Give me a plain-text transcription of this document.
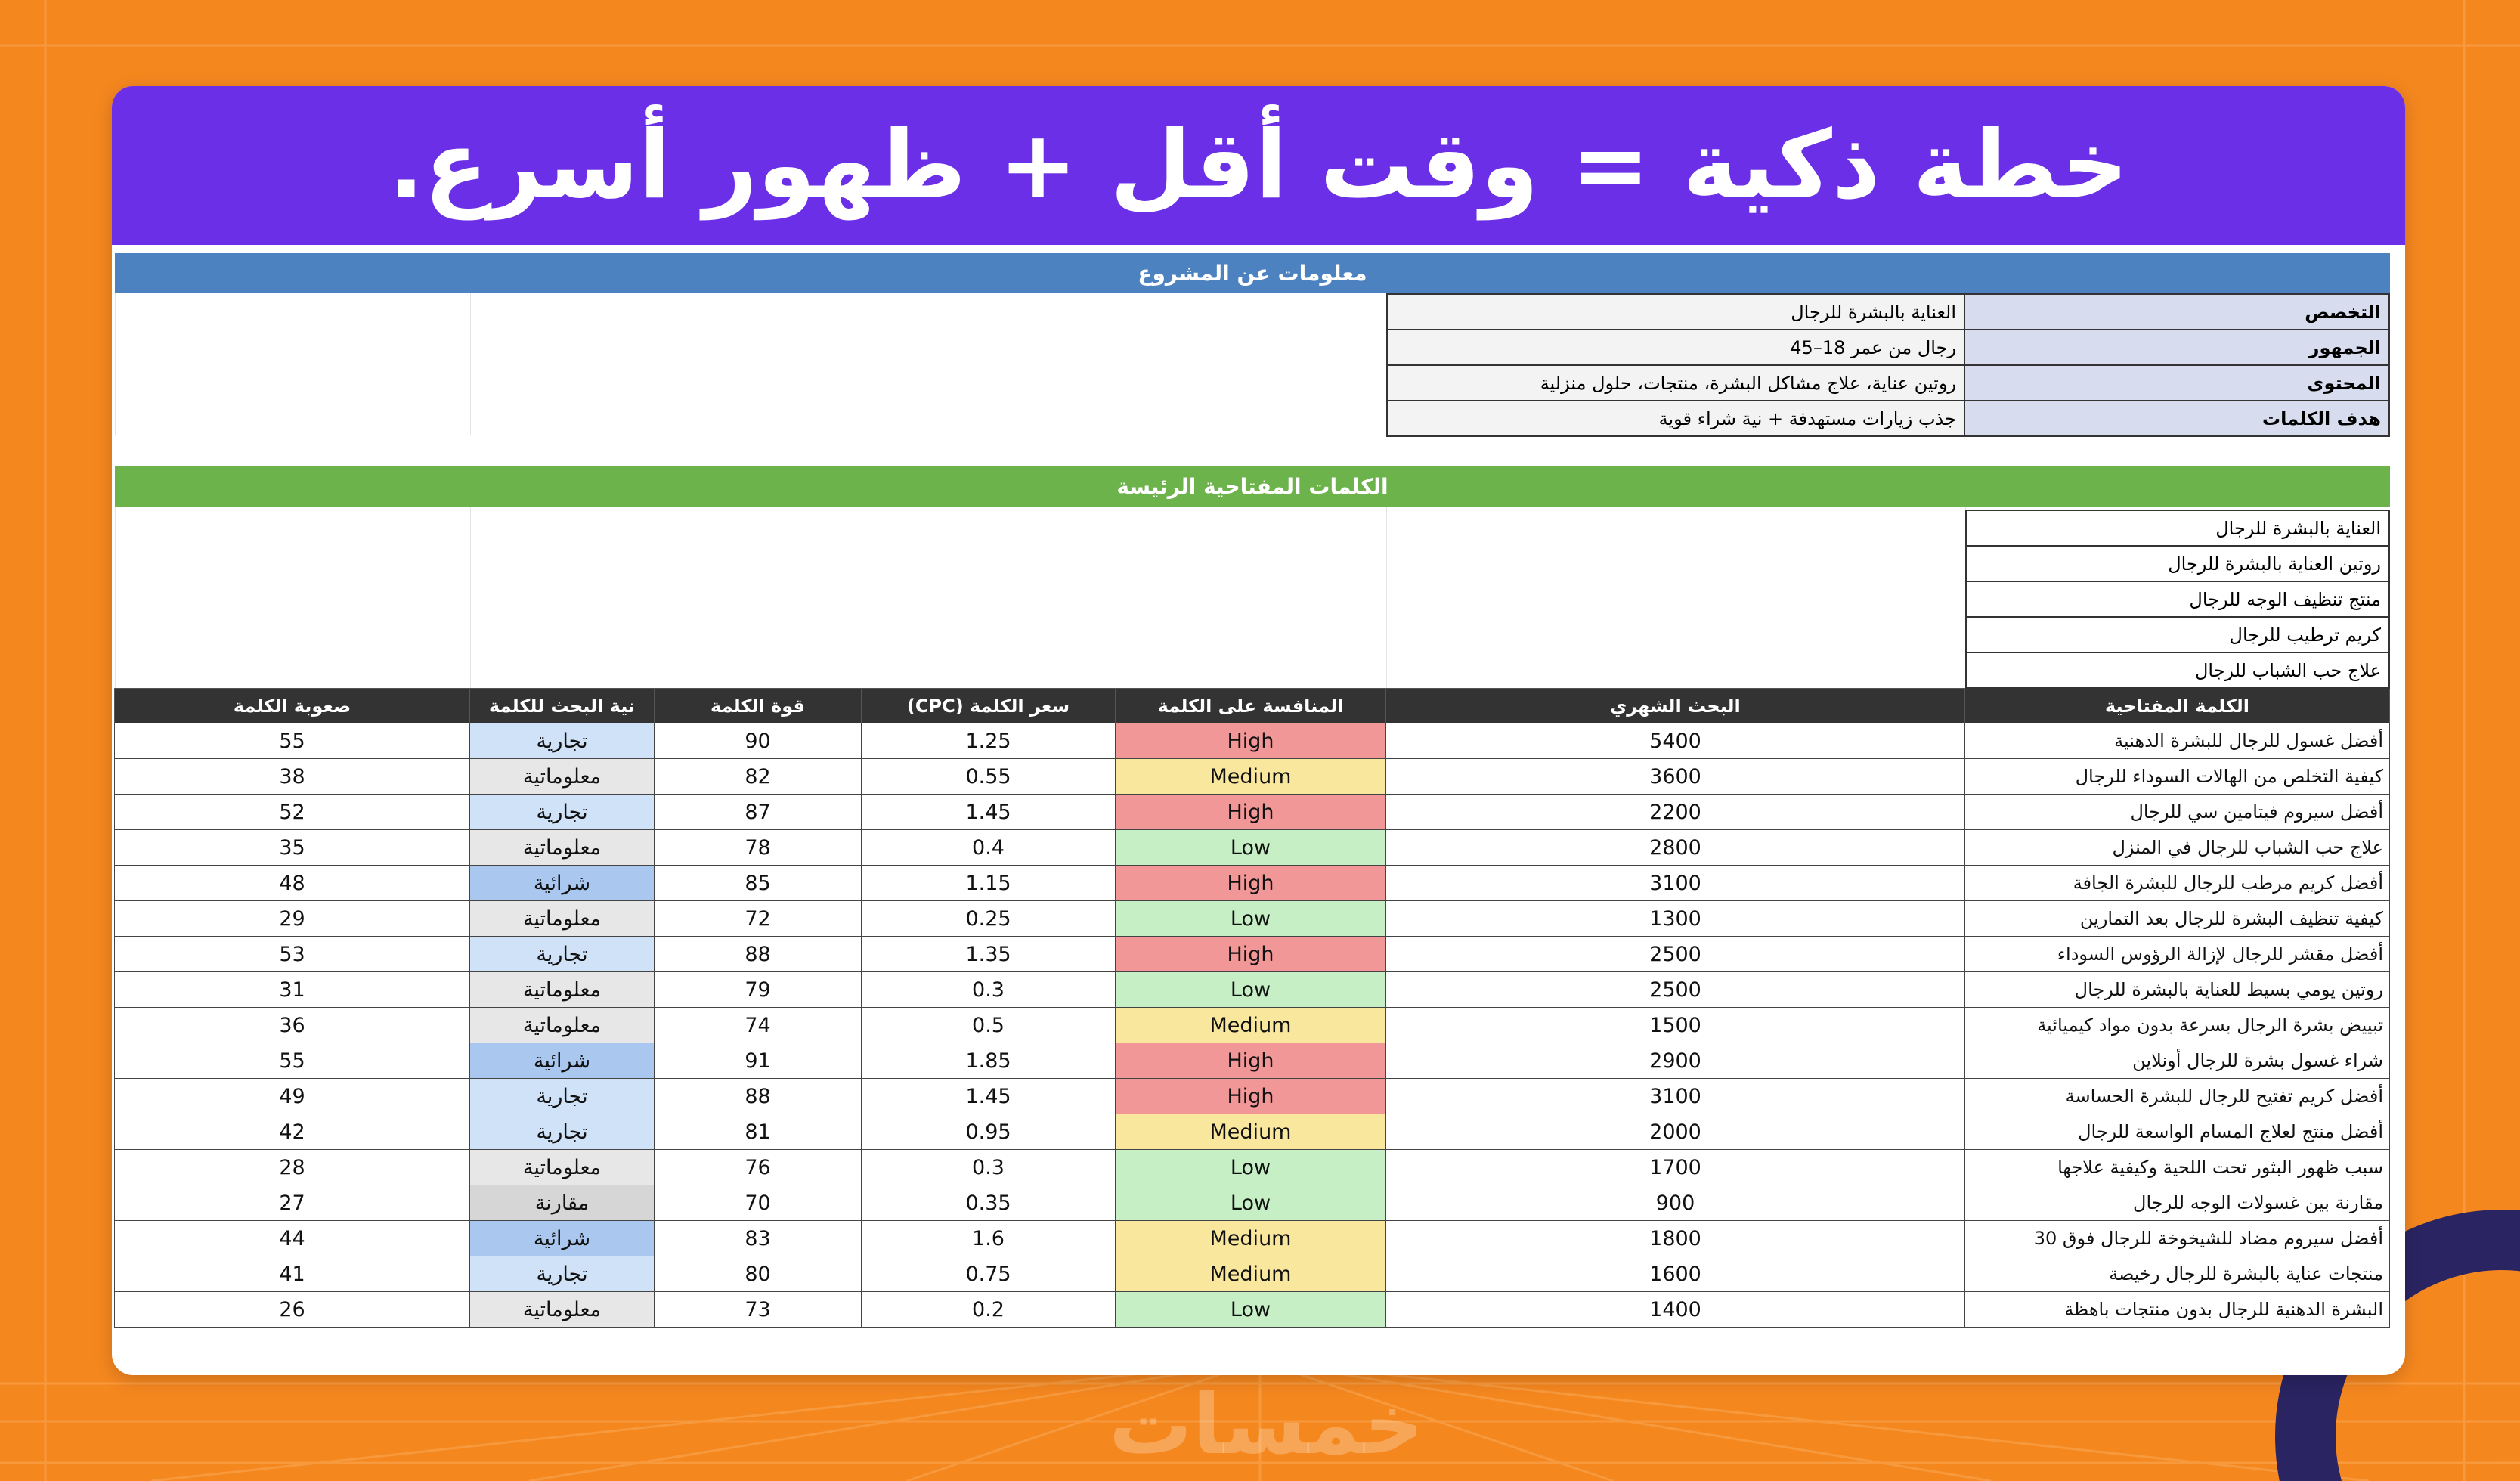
خطة ذكية = وقت أقل + ظهور أسرع.
معلومات عن المشروع
التخصص	العناية بالبشرة للرجال
الجمهور	رجال من عمر 18–45
المحتوى	روتين عناية، علاج مشاكل البشرة، منتجات، حلول منزلية
هدف الكلمات	جذب زيارات مستهدفة + نية شراء قوية
الكلمات المفتاحية الرئيسة
العناية بالبشرة للرجال
روتين العناية بالبشرة للرجال
منتج تنظيف الوجه للرجال
كريم ترطيب للرجال
علاج حب الشباب للرجال
الكلمة المفتاحية	البحث الشهري	المنافسة على الكلمة	سعر الكلمة (CPC)	قوة الكلمة	نية البحث للكلمة	صعوبة الكلمة
أفضل غسول للرجال للبشرة الدهنية	5400	High	1.25	90	تجارية	55
كيفية التخلص من الهالات السوداء للرجال	3600	Medium	0.55	82	معلوماتية	38
أفضل سيروم فيتامين سي للرجال	2200	High	1.45	87	تجارية	52
علاج حب الشباب للرجال في المنزل	2800	Low	0.4	78	معلوماتية	35
أفضل كريم مرطب للرجال للبشرة الجافة	3100	High	1.15	85	شرائية	48
كيفية تنظيف البشرة للرجال بعد التمارين	1300	Low	0.25	72	معلوماتية	29
أفضل مقشر للرجال لإزالة الرؤوس السوداء	2500	High	1.35	88	تجارية	53
روتين يومي بسيط للعناية بالبشرة للرجال	2500	Low	0.3	79	معلوماتية	31
تبييض بشرة الرجال بسرعة بدون مواد كيميائية	1500	Medium	0.5	74	معلوماتية	36
شراء غسول بشرة للرجال أونلاين	2900	High	1.85	91	شرائية	55
أفضل كريم تفتيح للرجال للبشرة الحساسة	3100	High	1.45	88	تجارية	49
أفضل منتج لعلاج المسام الواسعة للرجال	2000	Medium	0.95	81	تجارية	42
سبب ظهور البثور تحت اللحية وكيفية علاجها	1700	Low	0.3	76	معلوماتية	28
مقارنة بين غسولات الوجه للرجال	900	Low	0.35	70	مقارنة	27
أفضل سيروم مضاد للشيخوخة للرجال فوق 30	1800	Medium	1.6	83	شرائية	44
منتجات عناية بالبشرة للرجال رخيصة	1600	Medium	0.75	80	تجارية	41
البشرة الدهنية للرجال بدون منتجات باهظة	1400	Low	0.2	73	معلوماتية	26
خمسات
